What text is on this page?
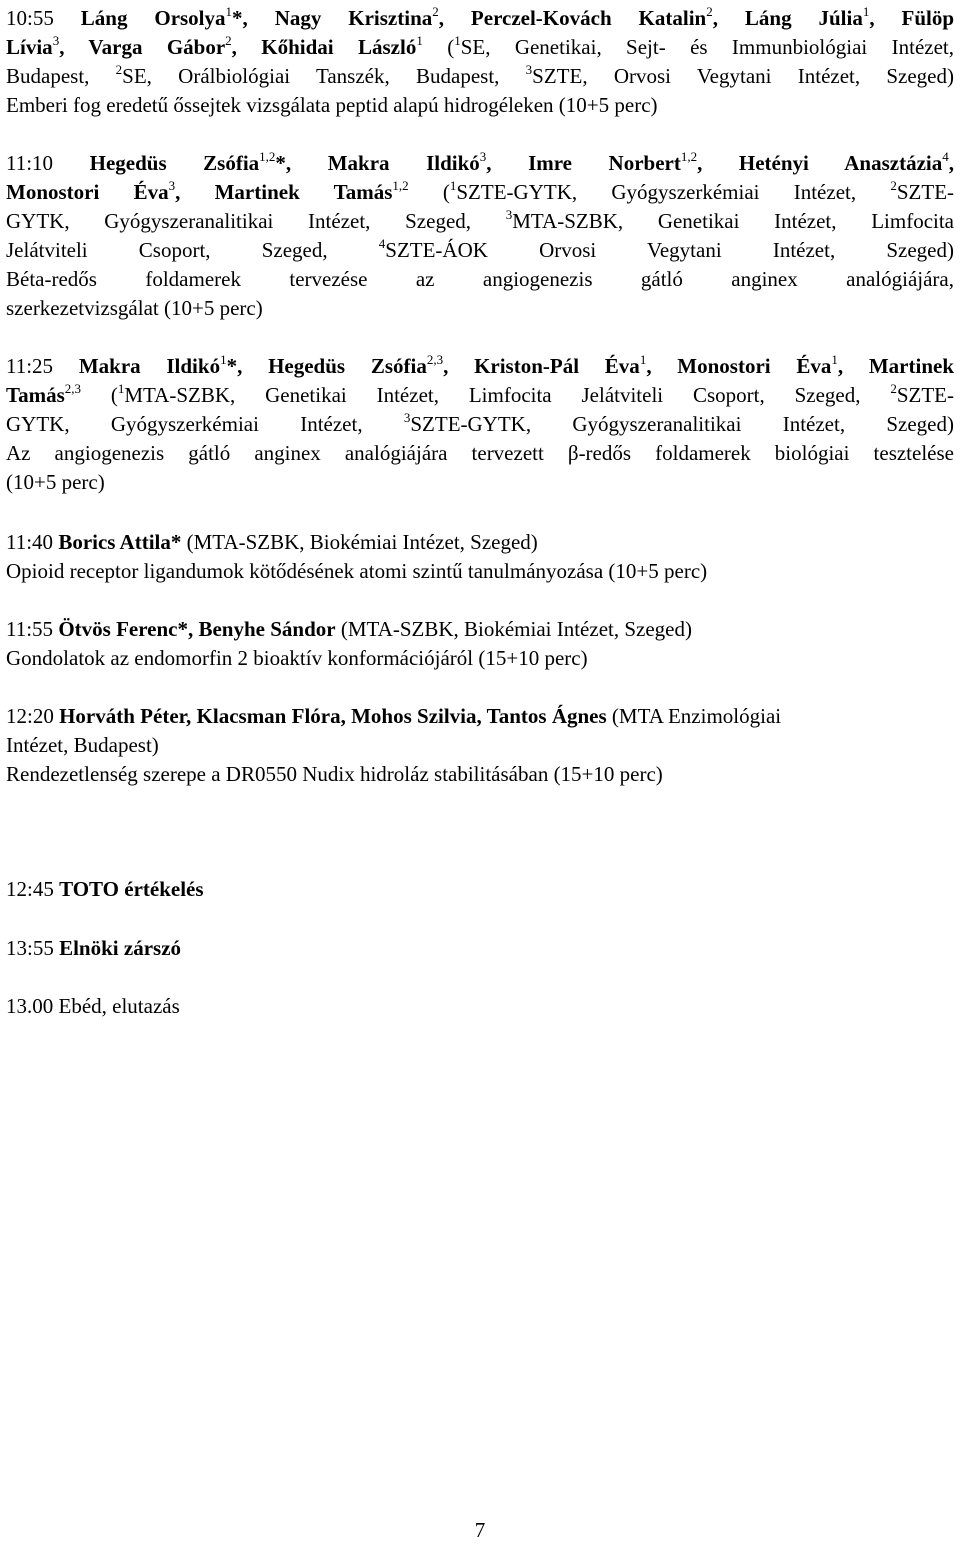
10:55 Láng Orsolya$^1$*, Nagy Krisztina$^2$, Perczel-Kovách Katalin$^2$, Láng Júlia$^1$, Fülöp
Lívia$^3$, Varga Gábor$^2$, Kőhidai László$^1$ ($^1$SE, Genetikai, Sejt- és Immunbiológiai Intézet,
Budapest, $^2$SE, Orálbiológiai Tanszék, Budapest, $^3$SZTE, Orvosi Vegytani Intézet, Szeged)
Emberi fog eredetű őssejtek vizsgálata peptid alapú hidrogéleken (10+5 perc)
11:10 Hegedüs Zsófia$^{1,2}$*, Makra Ildikó$^3$, Imre Norbert$^{1,2}$, Hetényi Anasztázia$^4$,
Monostori Éva$^3$, Martinek Tamás$^{1,2}$ ($^1$SZTE-GYTK, Gyógyszerkémiai Intézet, $^2$SZTE-
GYTK, Gyógyszeranalitikai Intézet, Szeged, $^3$MTA-SZBK, Genetikai Intézet, Limfocita
Jelátviteli Csoport, Szeged, $^4$SZTE-ÁOK Orvosi Vegytani Intézet, Szeged)
Béta-redős foldamerek tervezése az angiogenezis gátló anginex analógiájára,
szerkezetvizsgálat (10+5 perc)
11:25 Makra Ildikó$^1$*, Hegedüs Zsófia$^{2,3}$, Kriston-Pál Éva$^1$, Monostori Éva$^1$, Martinek
Tamás$^{2,3}$ ($^1$MTA-SZBK, Genetikai Intézet, Limfocita Jelátviteli Csoport, Szeged, $^2$SZTE-
GYTK, Gyógyszerkémiai Intézet, $^3$SZTE-GYTK, Gyógyszeranalitikai Intézet, Szeged)
Az angiogenezis gátló anginex analógiájára tervezett β-redős foldamerek biológiai tesztelése
(10+5 perc)
11:40 Borics Attila* (MTA-SZBK, Biokémiai Intézet, Szeged)
Opioid receptor ligandumok kötődésének atomi szintű tanulmányozása (10+5 perc)
11:55 Ötvös Ferenc*, Benyhe Sándor (MTA-SZBK, Biokémiai Intézet, Szeged)
Gondolatok az endomorfin 2 bioaktív konformációjáról (15+10 perc)
12:20 Horváth Péter, Klacsman Flóra, Mohos Szilvia, Tantos Ágnes (MTA Enzimológiai
Intézet, Budapest)
Rendezetlenség szerepe a DR0550 Nudix hidroláz stabilitásában (15+10 perc)
12:45 TOTO értékelés
13:55 Elnöki zárszó
13.00 Ebéd, elutazás
7
